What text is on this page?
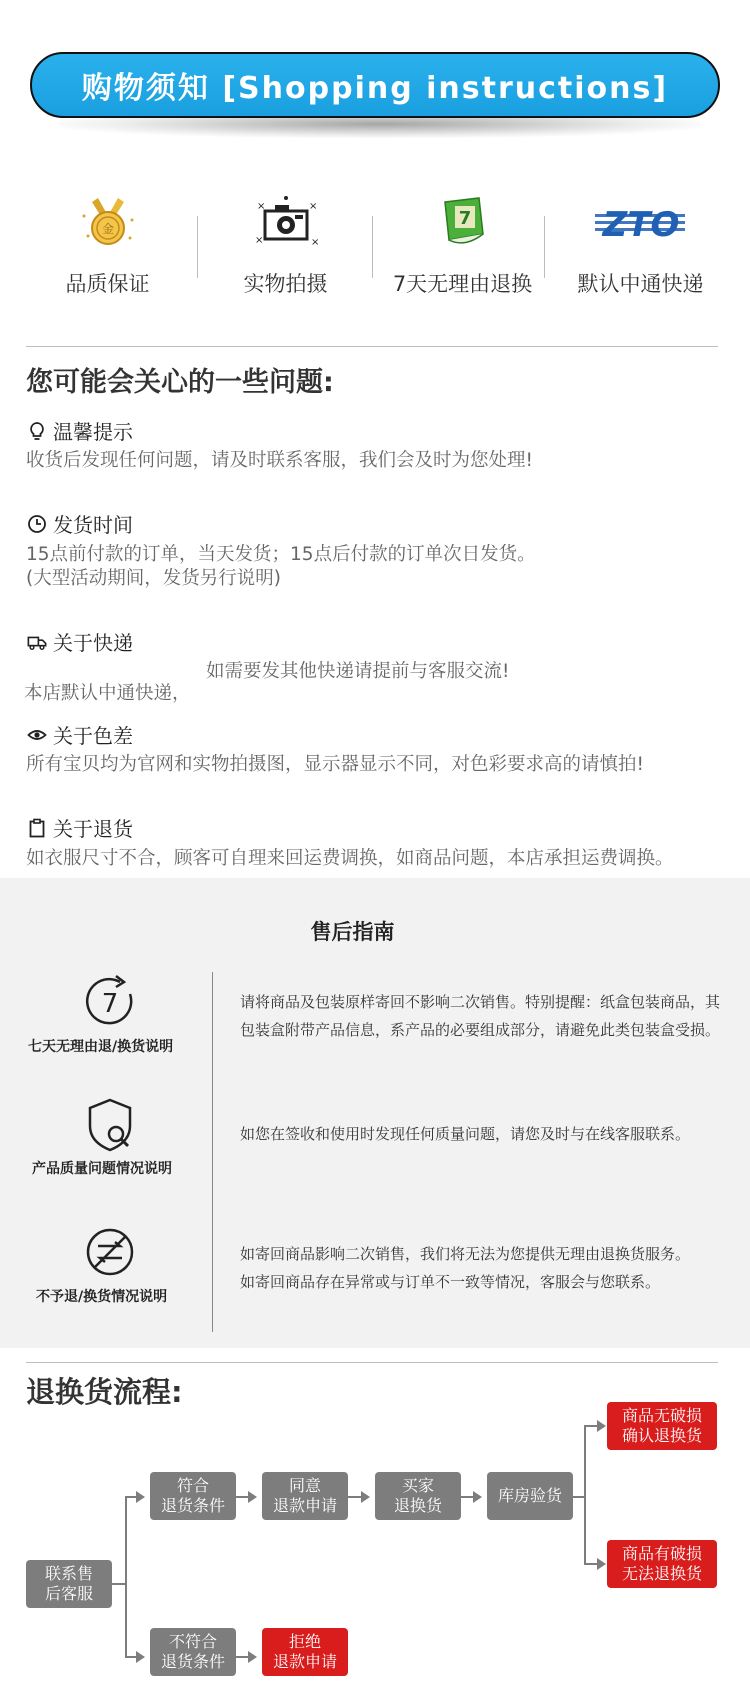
购物须知 [Shopping instructions]
金
品质保证
×	×
×	×
实物拍摄
7
7天无理由退换
ZTO
默认中通快递
您可能会关心的一些问题:
温馨提示
收货后发现任何问题，请及时联系客服，我们会及时为您处理!
发货时间
15点前付款的订单，当天发货；15点后付款的订单次日发货。
(大型活动期间，发货另行说明)
关于快递
如需要发其他快递请提前与客服交流!
本店默认中通快递，
关于色差
所有宝贝均为官网和实物拍摄图，显示器显示不同，对色彩要求高的请慎拍!
关于退货
如衣服尺寸不合，顾客可自理来回运费调换，如商品问题，本店承担运费调换。
售后指南
7
七天无理由退/换货说明
请将商品及包装原样寄回不影响二次销售。特别提醒：纸盒包装商品，其
包装盒附带产品信息，系产品的必要组成部分，请避免此类包装盒受损。
产品质量问题情况说明
如您在签收和使用时发现任何质量问题，请您及时与在线客服联系。
不予退/换货情况说明
如寄回商品影响二次销售，我们将无法为您提供无理由退换货服务。
如寄回商品存在异常或与订单不一致等情况，客服会与您联系。
退换货流程:
联系售
后客服
符合
退货条件
同意
退款申请
买家
退换货
库房验货
不符合
退货条件
拒绝
退款申请
商品无破损
确认退换货
商品有破损
无法退换货
